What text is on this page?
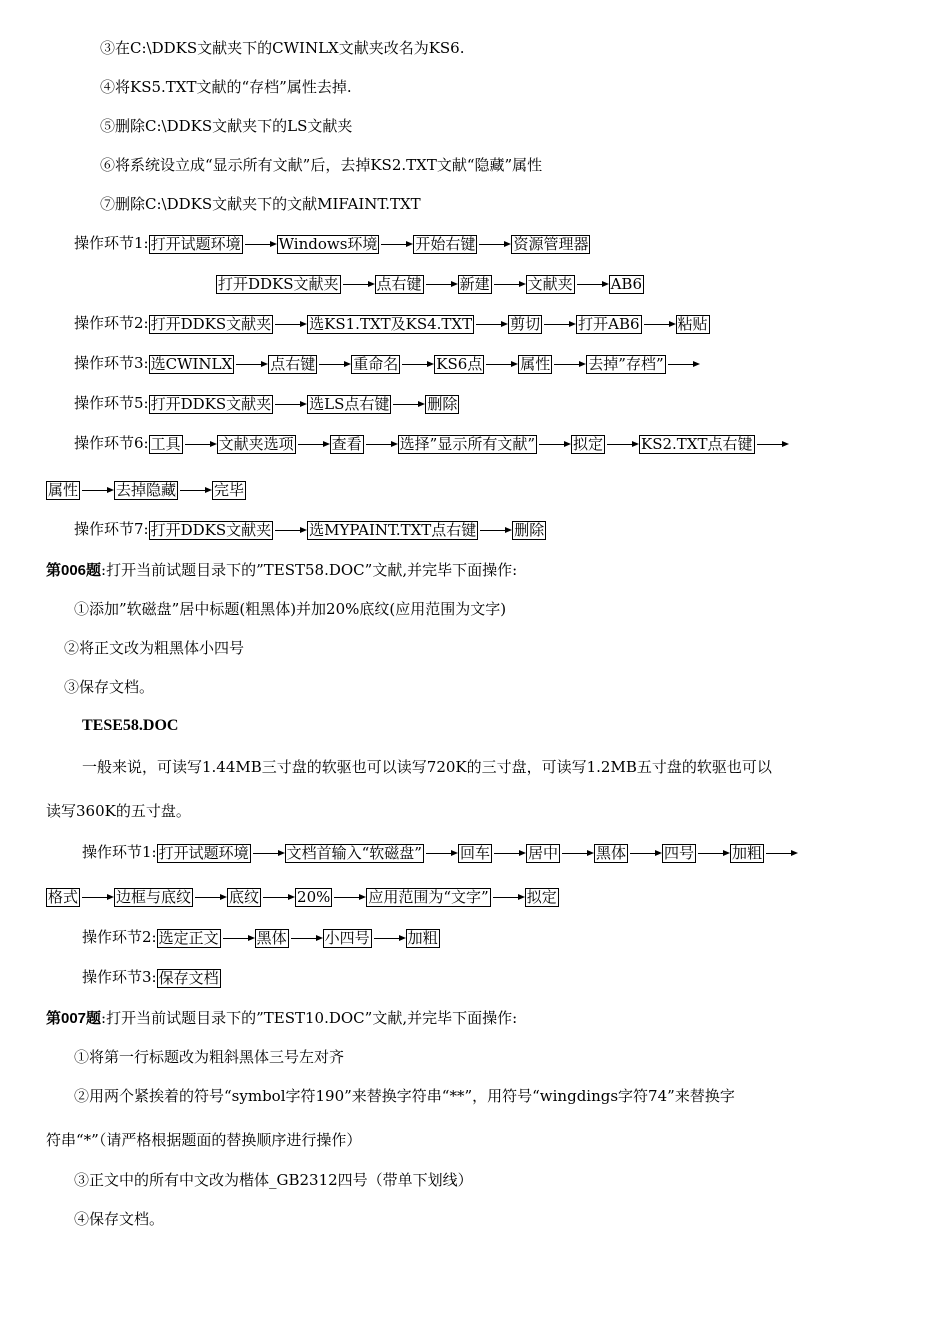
③在C:\DDKS文献夹下的CWINLX文献夹改名为KS6.
④将KS5.TXT文献的“存档”属性去掉.
⑤删除C:\DDKS文献夹下的LS文献夹
⑥将系统设立成“显示所有文献”后，去掉KS2.TXT文献“隐藏”属性
⑦删除C:\DDKS文献夹下的文献MIFAINT.TXT
操作环节1: 打开试题环境	Windows环境	开始右键	资源管理器
打开DDKS文献夹	点右键	新建	文献夹	AB6
操作环节2: 打开DDKS文献夹	选KS1.TXT及KS4.TXT	剪切	打开AB6	粘贴
操作环节3: 选CWINLX	点右键	重命名	KS6点	属性	去掉”存档”
操作环节5: 打开DDKS文献夹	选LS点右键	删除
操作环节6: 工具	文献夹选项	查看	选择”显示所有文献”	拟定	KS2.TXT点右键
属性	去掉隐藏	完毕
操作环节7: 打开DDKS文献夹	选MYPAINT.TXT点右键	删除
第006题:打开当前试题目录下的”TEST58.DOC”文献,并完毕下面操作:
①添加”软磁盘”居中标题(粗黑体)并加20%底纹(应用范围为文字)
②将正文改为粗黑体小四号
③保存文档。
TESE58.DOC
一般来说，可读写1.44MB三寸盘的软驱也可以读写720K的三寸盘，可读写1.2MB五寸盘的软驱也可以
读写360K的五寸盘。
操作环节1: 打开试题环境	文档首输入“软磁盘”	回车	居中	黑体	四号	加粗
格式	边框与底纹	底纹	20%	应用范围为“文字”	拟定
操作环节2: 选定正文	黑体	小四号	加粗
操作环节3: 保存文档
第007题:打开当前试题目录下的”TEST10.DOC”文献,并完毕下面操作:
①将第一行标题改为粗斜黑体三号左对齐
②用两个紧挨着的符号“symbol字符190”来替换字符串“**”，用符号“wingdings字符74”来替换字
符串“*”（请严格根据题面的替换顺序进行操作）
③正文中的所有中文改为楷体_GB2312四号（带单下划线）
④保存文档。
